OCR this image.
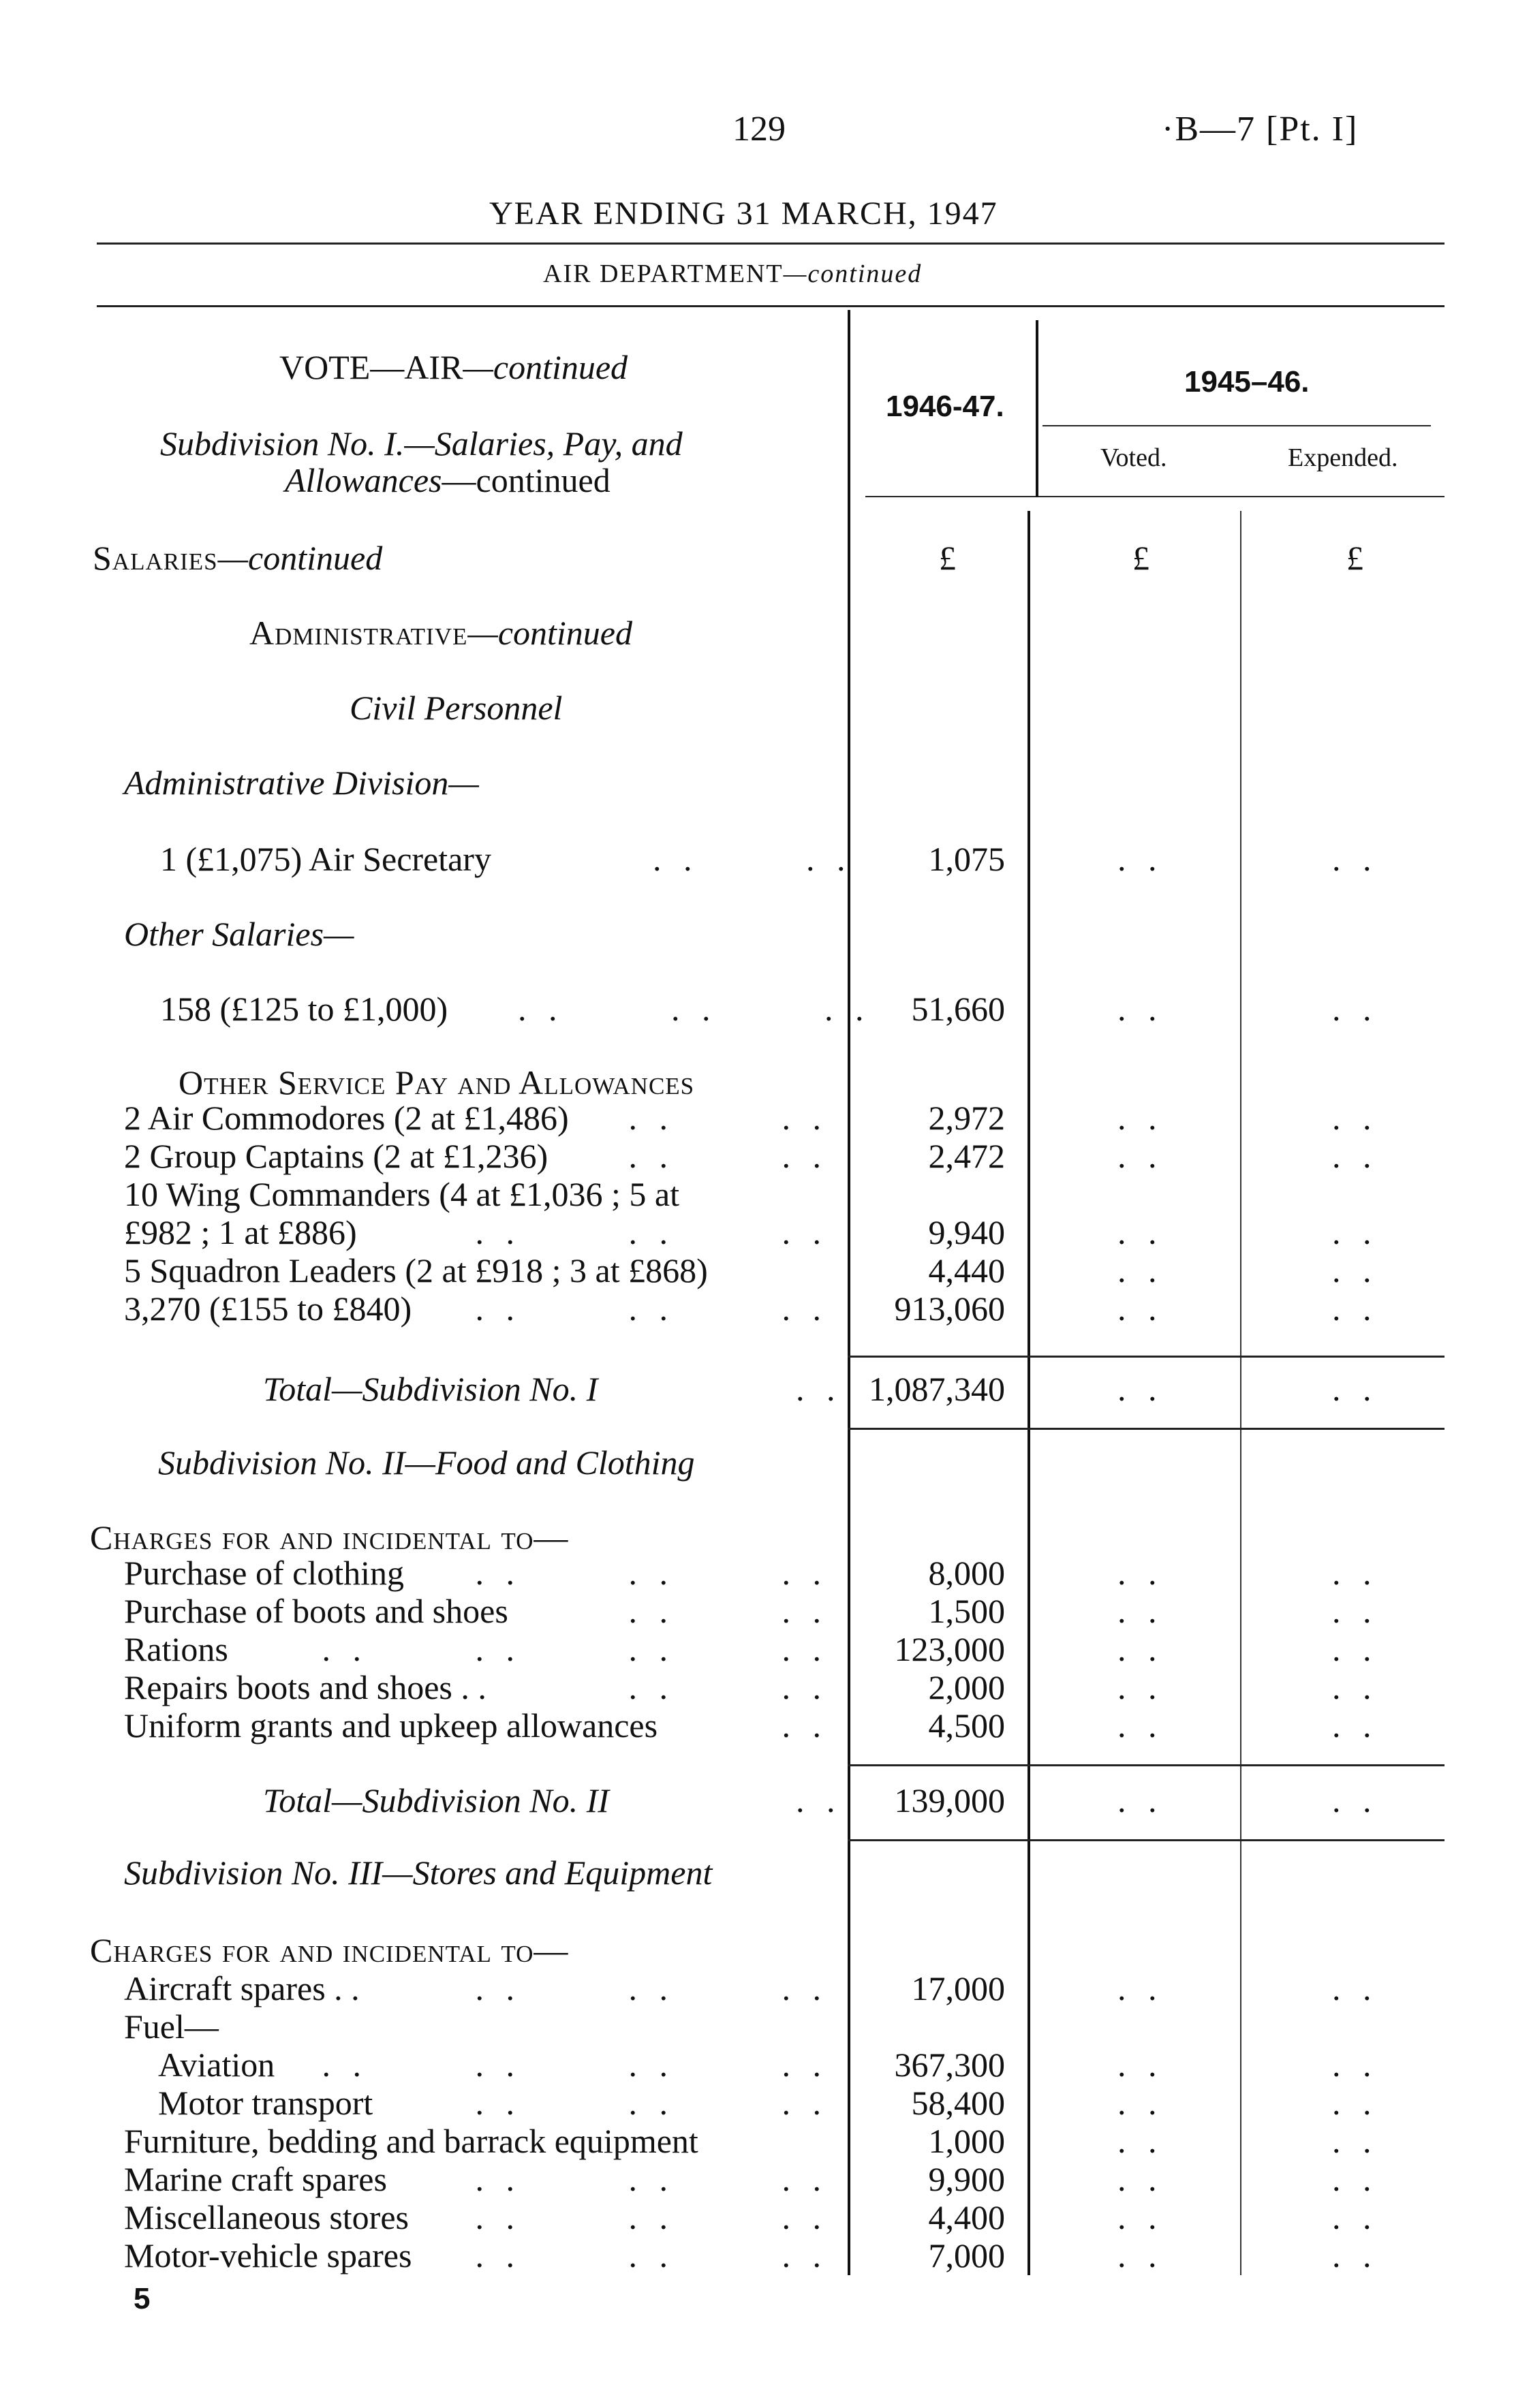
129	·B—7 [Pt. I]
YEAR ENDING 31 MARCH, 1947
AIR DEPARTMENT—continued
VOTE—AIR—continued
Subdivision No. I.—Salaries, Pay, and
Allowances—continued
1946-47.
1945–46.
Voted.	Expended.
£	£	£
Salaries—continued
Administrative—continued
Civil Personnel
Administrative Division—
1 (£1,075) Air Secretary	. .       . .	1,075	. .	. .
Other Salaries—
158 (£125 to £1,000) . .       . .       . .	51,660	. .	. .
Other Service Pay and Allowances
2 Air Commodores (2 at £1,486) . .       . .	2,972	. .	. .
2 Group Captains (2 at £1,236) . .       . .	2,472	. .	. .
10 Wing Commanders (4 at £1,036 ; 5 at
£982 ; 1 at £886)	. .       . .       . .	9,940	. .	. .
5 Squadron Leaders (2 at £918 ; 3 at £868)	4,440	. .	. .
3,270 (£155 to £840) . .       . .       . .	913,060	. .	. .
Total—Subdivision No. I	. . 1,087,340	. .	. .
Subdivision No. II—Food and Clothing
Charges for and incidental to—
Purchase of clothing . .       . .       . .	8,000	. .	. .
Purchase of boots and shoes	. .       . .	1,500	. .	. .
Rations	. .       . .       . .       . .	123,000	. .	. .
Repairs boots and shoes . .	. .       . .	2,000	. .	. .
Uniform grants and upkeep allowances	. .	4,500	. .	. .
Total—Subdivision No. II	. .	139,000	. .	. .
Subdivision No. III—Stores and Equipment
Charges for and incidental to—
Aircraft spares . .	. .       . .       . .	17,000	. .	. .
Fuel—
Aviation . .       . .       . .       . .	367,300	. .	. .
Motor transport	. .       . .       . .	58,400	. .	. .
Furniture, bedding and barrack equipment	1,000	. .	. .
Marine craft spares	. .       . .       . .	9,900	. .	. .
Miscellaneous stores . .       . .       . .	4,400	. .	. .
Motor-vehicle spares . .       . .       . .	7,000	. .	. .
5
